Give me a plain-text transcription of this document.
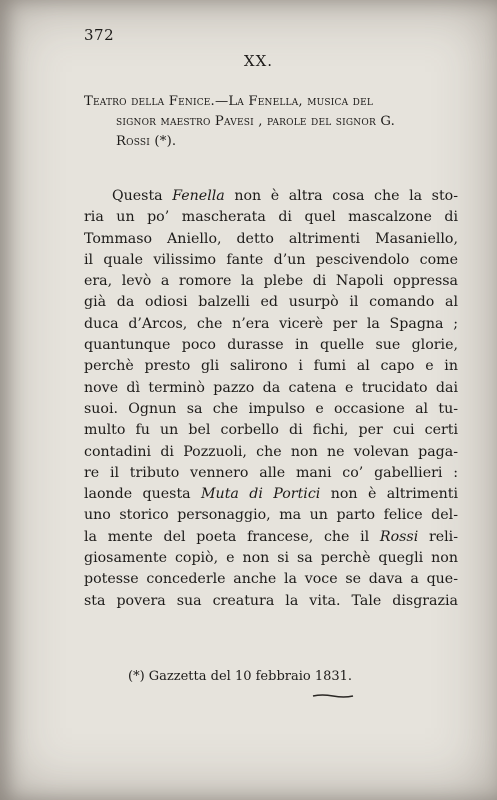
372
XX.
Teatro della Fenice.—La Fenella, musica del
signor maestro Pavesi , parole del signor G.
Rossi (*).
Questa Fenella non è altra cosa che la sto-
ria un po’ mascherata di quel mascalzone di
Tommaso Aniello, detto altrimenti Masaniello,
il quale vilissimo fante d’un pescivendolo come
era, levò a romore la plebe di Napoli oppressa
già da odiosi balzelli ed usurpò il comando al
duca d’Arcos, che n’era vicerè per la Spagna ;
quantunque poco durasse in quelle sue glorie,
perchè presto gli salirono i fumi al capo e in
nove dì terminò pazzo da catena e trucidato dai
suoi. Ognun sa che impulso e occasione al tu-
multo fu un bel corbello di fichi, per cui certi
contadini di Pozzuoli, che non ne volevan paga-
re il tributo vennero alle mani co’ gabellieri :
laonde questa Muta di Portici non è altrimenti
uno storico personaggio, ma un parto felice del-
la mente del poeta francese, che il Rossi reli-
giosamente copiò, e non si sa perchè quegli non
potesse concederle anche la voce se dava a que-
sta povera sua creatura la vita. Tale disgrazia
(*) Gazzetta del 10 febbraio 1831.
